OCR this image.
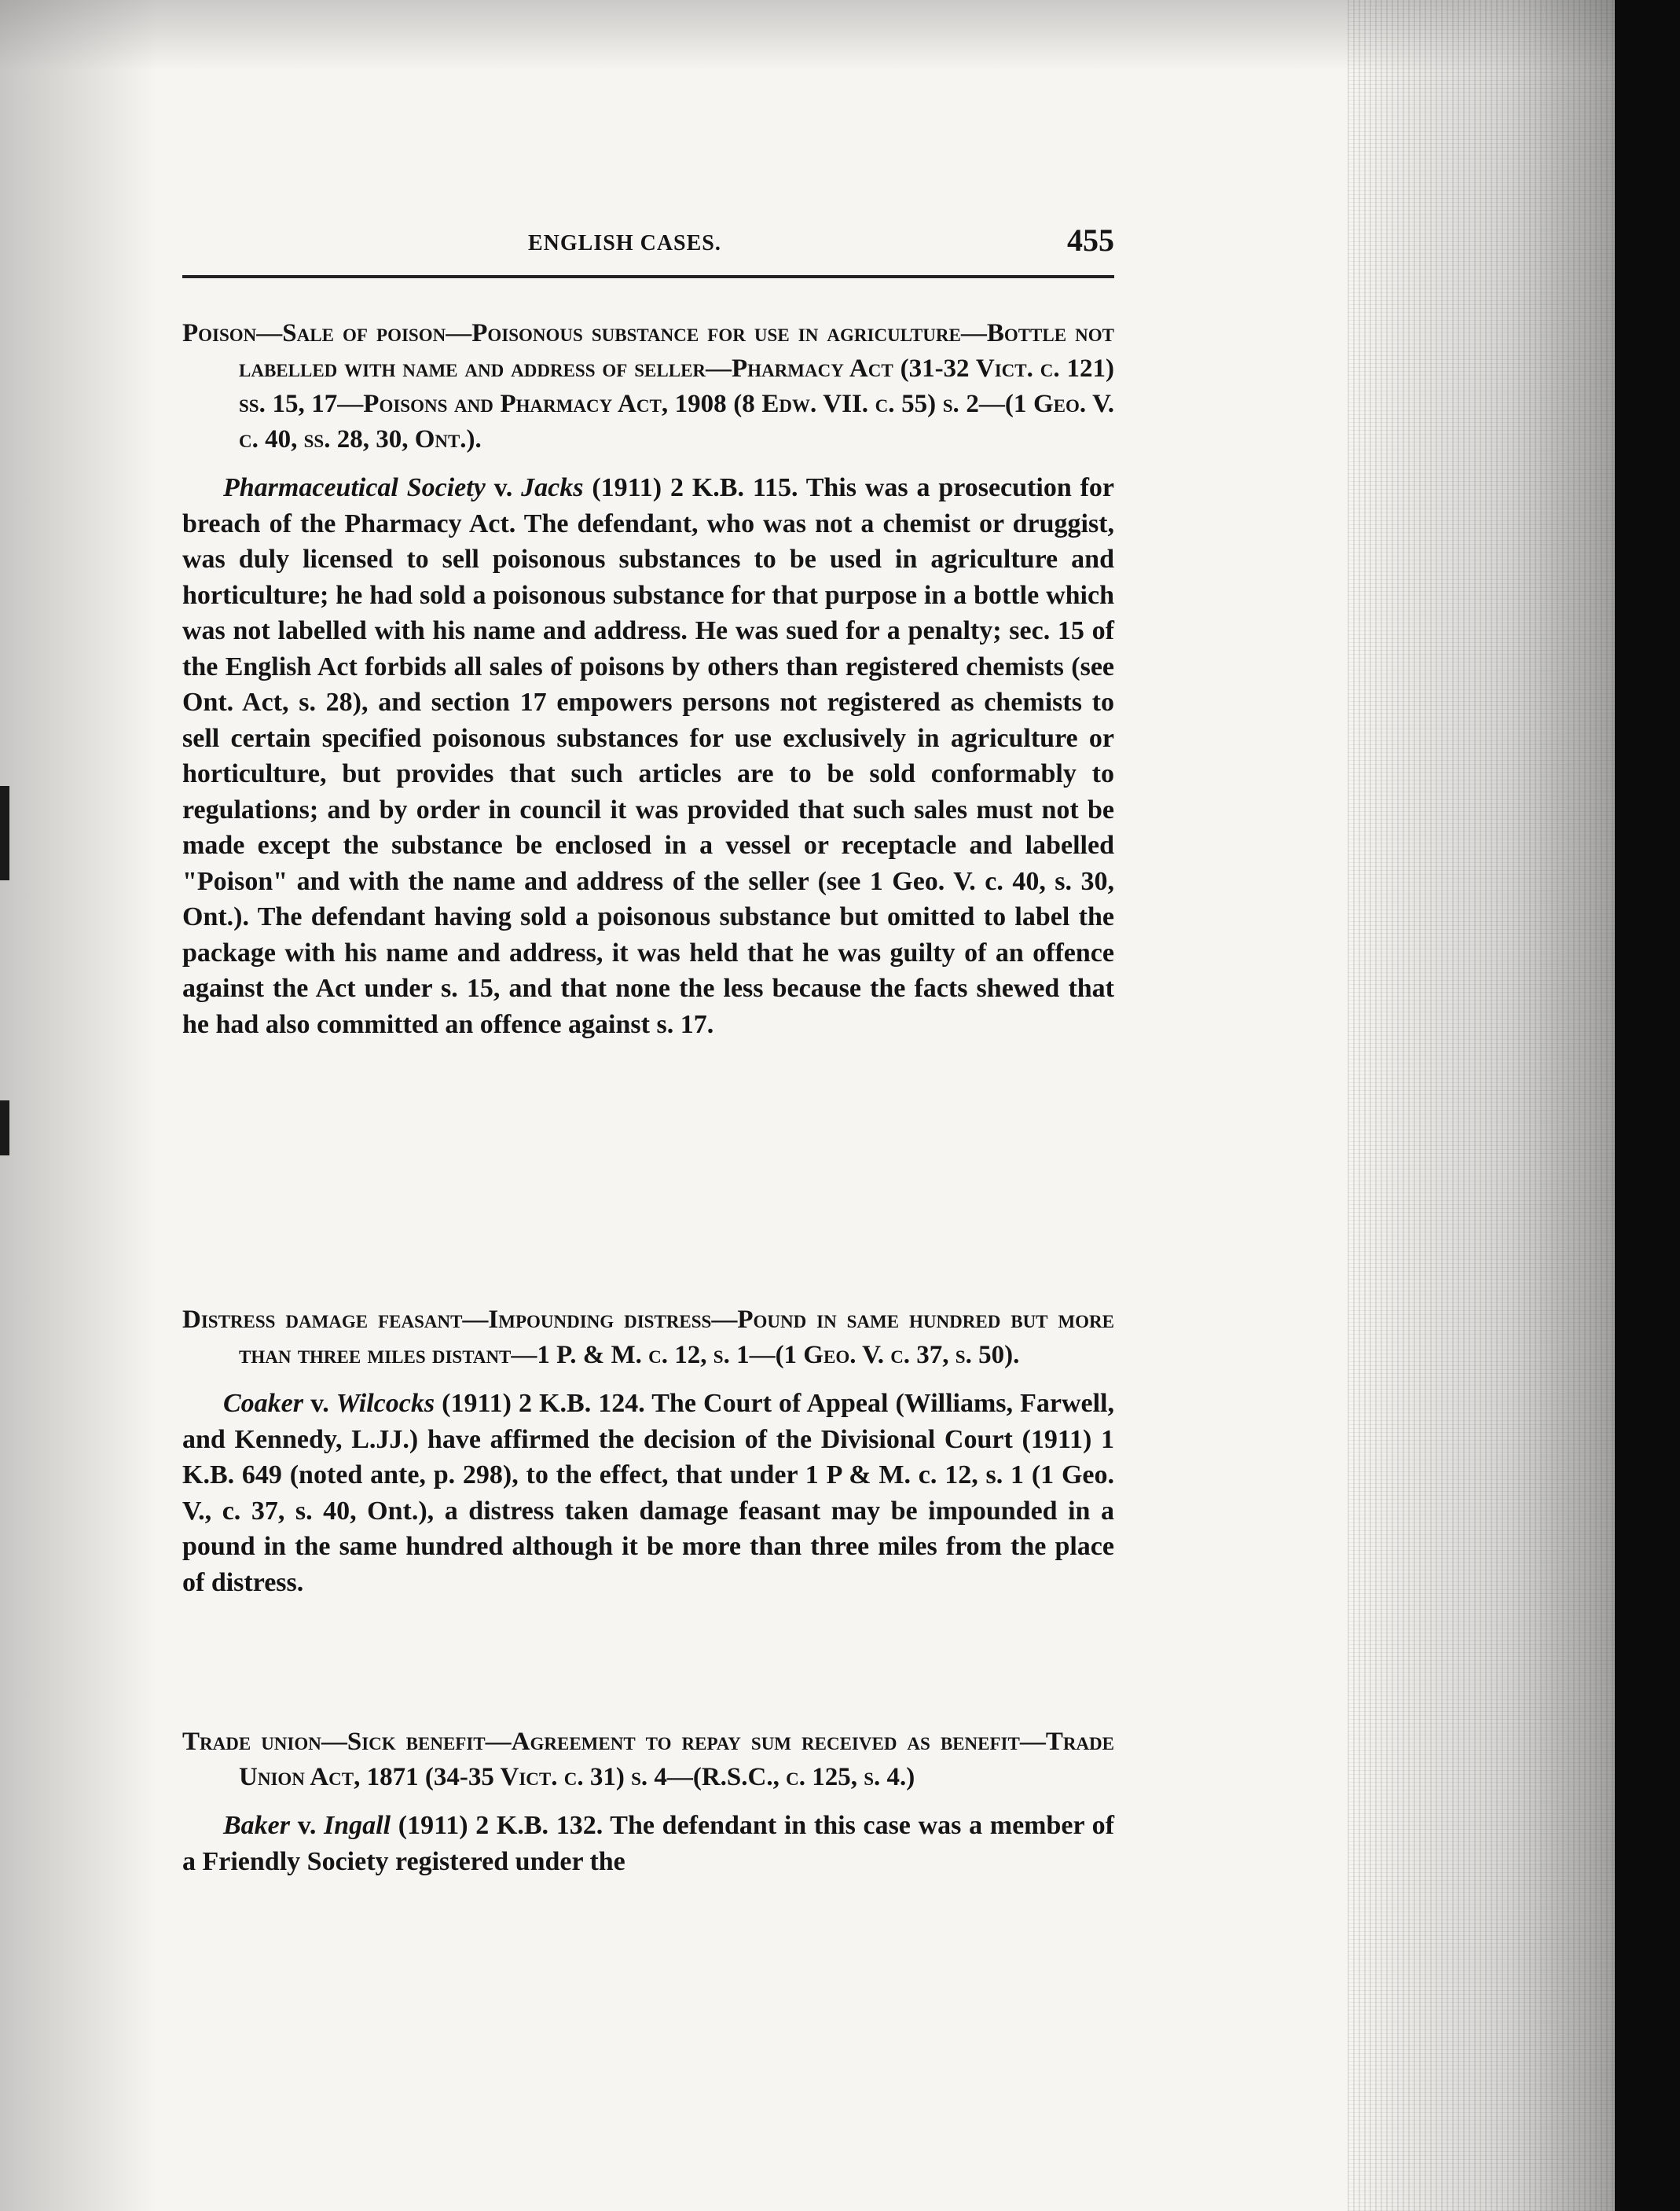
ENGLISH CASES.	455

Poison—Sale of poison—Poisonous substance for use in agriculture—Bottle not labelled with name and address of seller—Pharmacy Act (31-32 Vict. c. 121) ss. 15, 17—Poisons and Pharmacy Act, 1908 (8 Edw. VII. c. 55) s. 2—(1 Geo. V. c. 40, ss. 28, 30, Ont.).

Pharmaceutical Society v. Jacks (1911) 2 K.B. 115. This was a prosecution for breach of the Pharmacy Act. The defendant, who was not a chemist or druggist, was duly licensed to sell poisonous substances to be used in agriculture and horticulture; he had sold a poisonous substance for that purpose in a bottle which was not labelled with his name and address. He was sued for a penalty; sec. 15 of the English Act forbids all sales of poisons by others than registered chemists (see Ont. Act, s. 28), and section 17 empowers persons not registered as chemists to sell certain specified poisonous substances for use exclusively in agriculture or horticulture, but provides that such articles are to be sold conformably to regulations; and by order in council it was provided that such sales must not be made except the substance be enclosed in a vessel or receptacle and labelled "Poison" and with the name and address of the seller (see 1 Geo. V. c. 40, s. 30, Ont.). The defendant having sold a poisonous substance but omitted to label the package with his name and address, it was held that he was guilty of an offence against the Act under s. 15, and that none the less because the facts shewed that he had also committed an offence against s. 17.

Distress damage feasant—Impounding distress—Pound in same hundred but more than three miles distant—1 P. & M. c. 12, s. 1—(1 Geo. V. c. 37, s. 50).

Coaker v. Wilcocks (1911) 2 K.B. 124. The Court of Appeal (Williams, Farwell, and Kennedy, L.JJ.) have affirmed the decision of the Divisional Court (1911) 1 K.B. 649 (noted ante, p. 298), to the effect, that under 1 P & M. c. 12, s. 1 (1 Geo. V., c. 37, s. 40, Ont.), a distress taken damage feasant may be impounded in a pound in the same hundred although it be more than three miles from the place of distress.

Trade union—Sick benefit—Agreement to repay sum received as benefit—Trade Union Act, 1871 (34-35 Vict. c. 31) s. 4—(R.S.C., c. 125, s. 4.)

Baker v. Ingall (1911) 2 K.B. 132. The defendant in this case was a member of a Friendly Society registered under the
